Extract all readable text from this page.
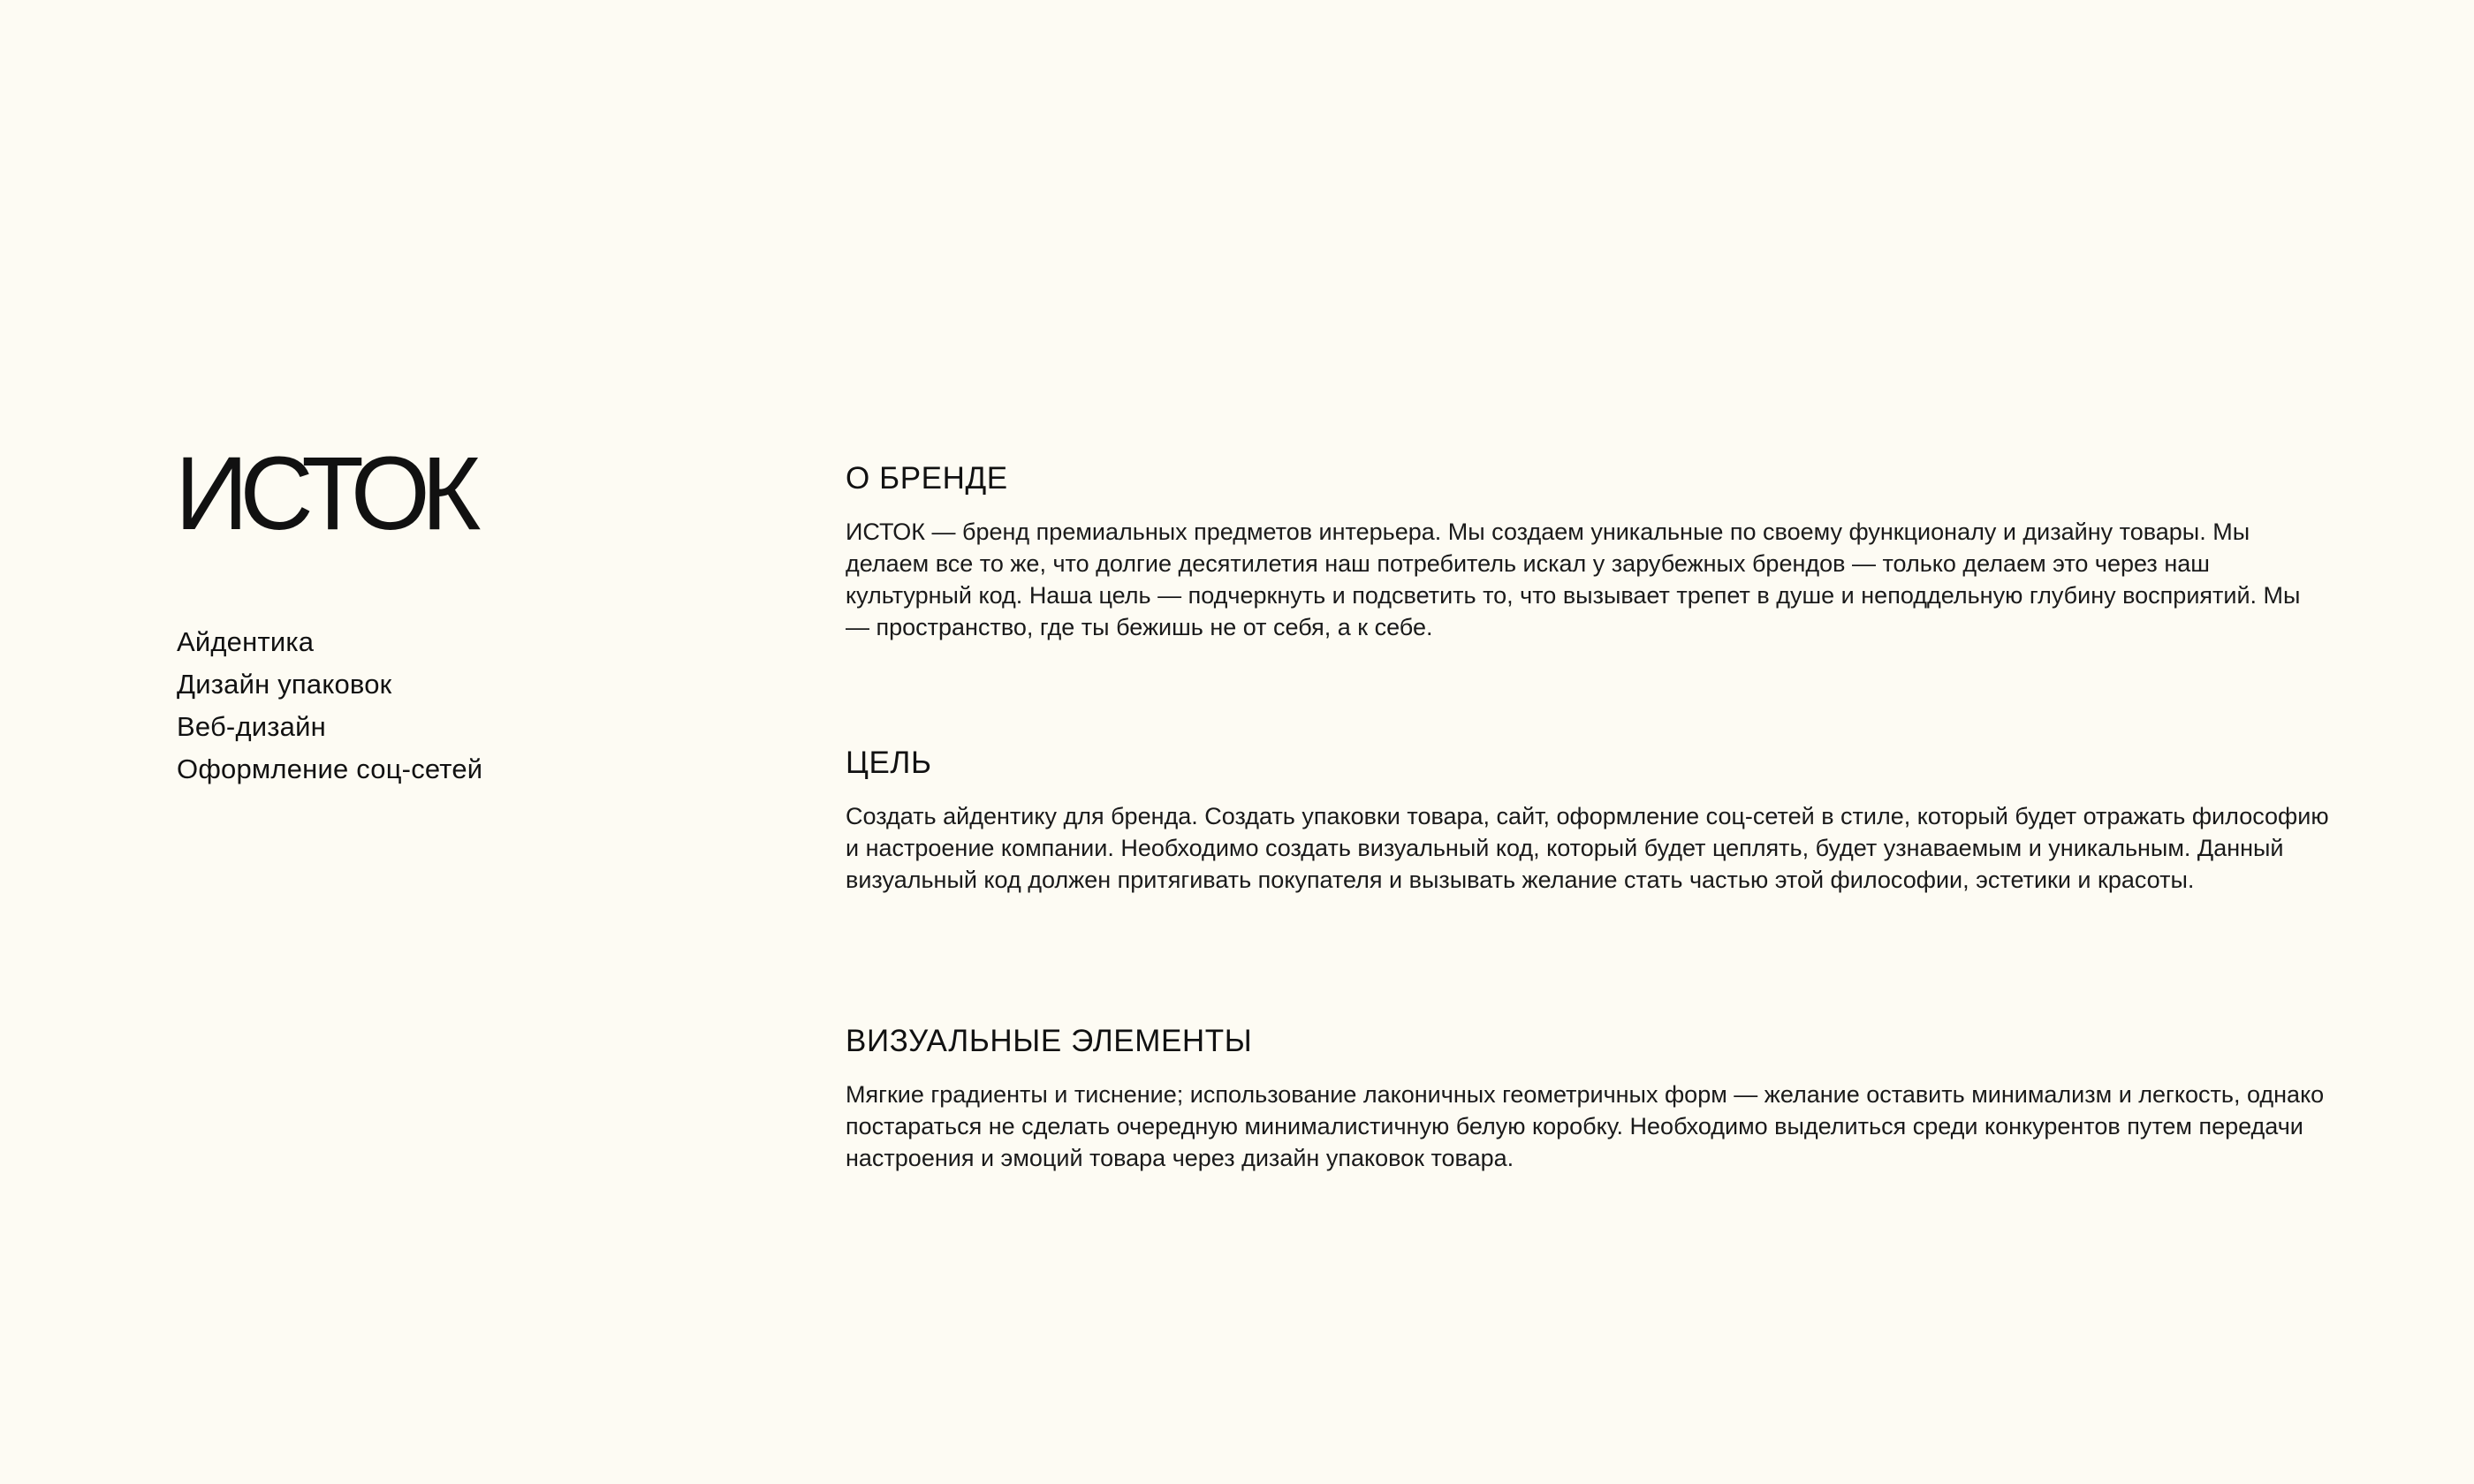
ИСТОК
Айдентика
Дизайн упаковок
Веб-дизайн
Оформление соц-сетей
О БРЕНДЕ

ИСТОК — бренд премиальных предметов интерьера. Мы создаем уникальные по своему функционалу и дизайну товары. Мы делаем все то же, что долгие десятилетия наш потребитель искал у зарубежных брендов — только делаем это через наш культурный код. Наша цель — подчеркнуть и подсветить то, что вызывает трепет в душе и неподдельную глубину восприятий. Мы — пространство, где ты бежишь не от себя, а к себе.

ЦЕЛЬ

Создать айдентику для бренда. Создать упаковки товара, сайт, оформление соц-сетей в стиле, который будет отражать философию и настроение компании. Необходимо создать визуальный код, который будет цеплять, будет узнаваемым и уникальным. Данный визуальный код должен притягивать покупателя и вызывать желание стать частью этой философии, эстетики и красоты.

ВИЗУАЛЬНЫЕ ЭЛЕМЕНТЫ

Мягкие градиенты и тиснение; использование лаконичных геометричных форм — желание оставить минимализм и легкость, однако постараться не сделать очередную минималистичную белую коробку. Необходимо выделиться среди конкурентов путем передачи настроения и эмоций товара через дизайн упаковок товара.
